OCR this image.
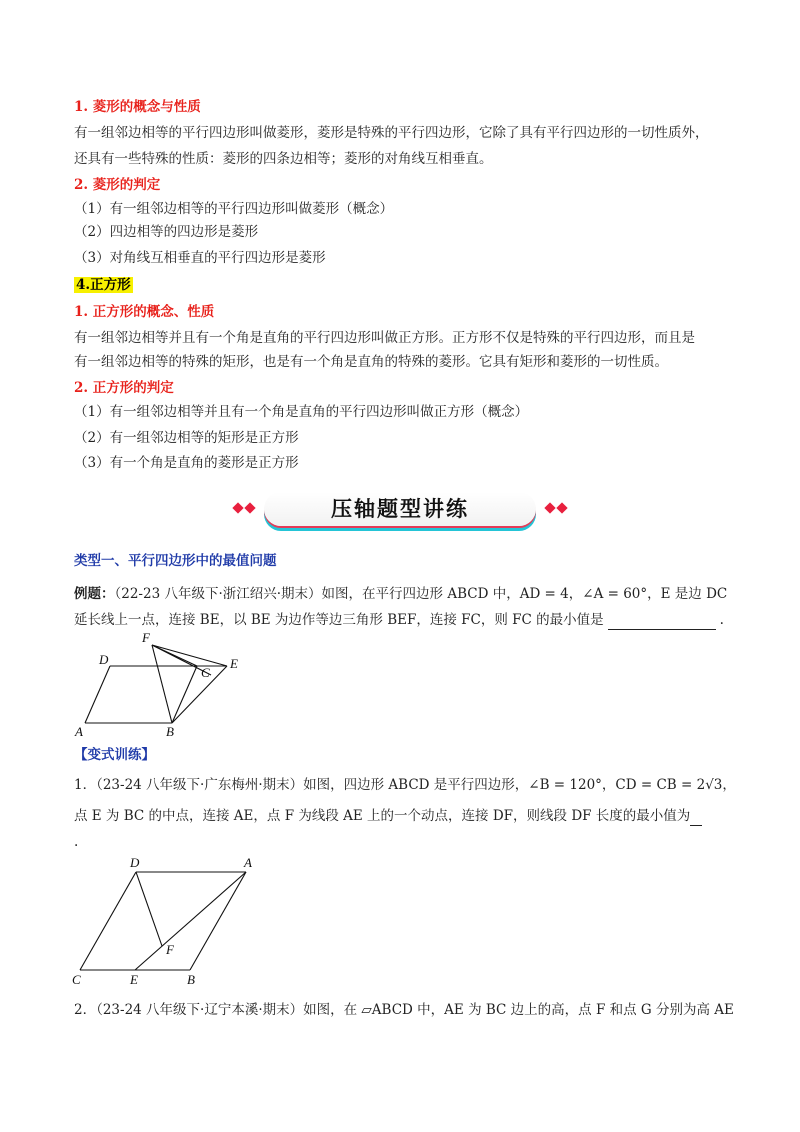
1. 菱形的概念与性质
有一组邻边相等的平行四边形叫做菱形，菱形是特殊的平行四边形，它除了具有平行四边形的一切性质外，
还具有一些特殊的性质：菱形的四条边相等；菱形的对角线互相垂直。
2. 菱形的判定
（1）有一组邻边相等的平行四边形叫做菱形（概念）
（2）四边相等的四边形是菱形
（3）对角线互相垂直的平行四边形是菱形
4.正方形
1. 正方形的概念、性质
有一组邻边相等并且有一个角是直角的平行四边形叫做正方形。正方形不仅是特殊的平行四边形，而且是
有一组邻边相等的特殊的矩形，也是有一个角是直角的特殊的菱形。它具有矩形和菱形的一切性质。
2. 正方形的判定
（1）有一组邻边相等并且有一个角是直角的平行四边形叫做正方形（概念）
（2）有一组邻边相等的矩形是正方形
（3）有一个角是直角的菱形是正方形
压轴题型讲练
类型一、平行四边形中的最值问题
例题：（22-23 八年级下·浙江绍兴·期末）如图，在平行四边形 ABCD 中，AD = 4，∠A = 60°，E 是边 DC
延长线上一点，连接 BE，以 BE 为边作等边三角形 BEF，连接 FC，则 FC 的最小值是	.
D
F
E
C
A	B
【变式训练】
1．（23-24 八年级下·广东梅州·期末）如图，四边形 ABCD 是平行四边形，∠B = 120°，CD = CB = 2√3，
点 E 为 BC 的中点，连接 AE，点 F 为线段 AE 上的一个动点，连接 DF，则线段 DF 长度的最小值为
.
D	A
F
C	E	B
2．（23-24 八年级下·辽宁本溪·期末）如图，在 ▱ABCD 中，AE 为 BC 边上的高，点 F 和点 G 分别为高 AE
